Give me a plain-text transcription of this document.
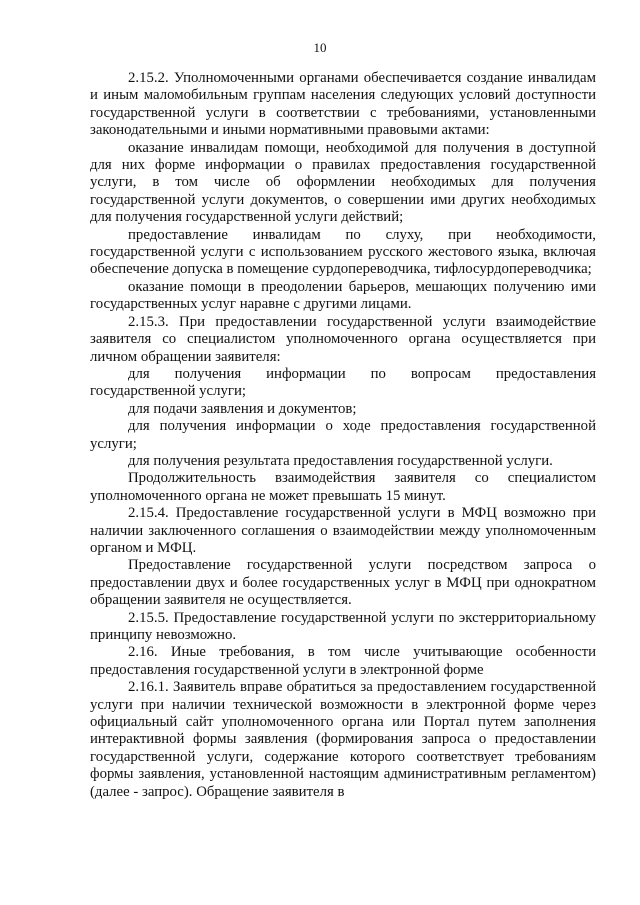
10

2.15.2. Уполномоченными органами обеспечивается создание инвалидам и иным маломобильным группам населения следующих условий доступности государственной услуги в соответствии с требованиями, установленными законодательными и иными нормативными правовыми актами:

оказание инвалидам помощи, необходимой для получения в доступной для них форме информации о правилах предоставления государственной услуги, в том числе об оформлении необходимых для получения государственной услуги документов, о совершении ими других необходимых для получения государственной услуги действий;

предоставление инвалидам по слуху, при необходимости, государственной услуги с использованием русского жестового языка, включая обеспечение допуска в помещение сурдопереводчика, тифлосурдопереводчика;

оказание помощи в преодолении барьеров, мешающих получению ими государственных услуг наравне с другими лицами.

2.15.3. При предоставлении государственной услуги взаимодействие заявителя со специалистом уполномоченного органа осуществляется при личном обращении заявителя:

для получения информации по вопросам предоставления государственной услуги;

для подачи заявления и документов;

для получения информации о ходе предоставления государственной услуги;

для получения результата предоставления государственной услуги.

Продолжительность взаимодействия заявителя со специалистом уполномоченного органа не может превышать 15 минут.

2.15.4. Предоставление государственной услуги в МФЦ возможно при наличии заключенного соглашения о взаимодействии между уполномоченным органом и МФЦ.

Предоставление государственной услуги посредством запроса о предоставлении двух и более государственных услуг в МФЦ при однократном обращении заявителя не осуществляется.

2.15.5. Предоставление государственной услуги по экстерриториальному принципу невозможно.

2.16. Иные требования, в том числе учитывающие особенности предоставления государственной услуги в электронной форме

2.16.1. Заявитель вправе обратиться за предоставлением государственной услуги при наличии технической возможности в электронной форме через официальный сайт уполномоченного органа или Портал путем заполнения интерактивной формы заявления (формирования запроса о предоставлении государственной услуги, содержание которого соответствует требованиям формы заявления, установленной настоящим административным регламентом) (далее - запрос). Обращение заявителя в
